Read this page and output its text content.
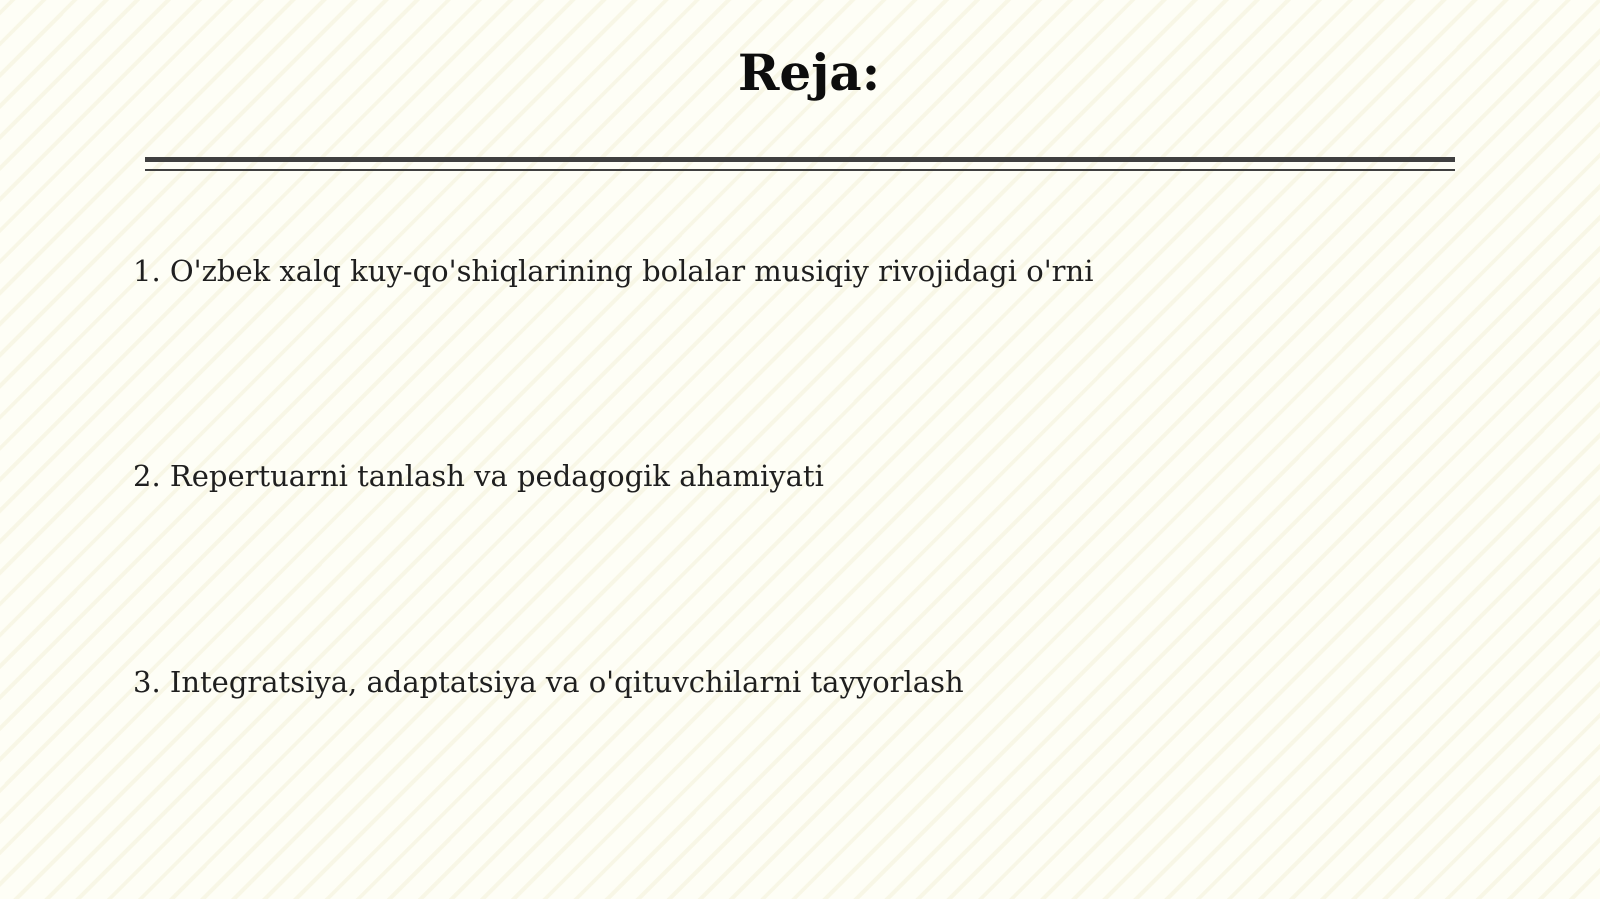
Reja:
1. O'zbek xalq kuy-qo'shiqlarining bolalar musiqiy rivojidagi o'rni
2. Repertuarni tanlash va pedagogik ahamiyati
3. Integratsiya, adaptatsiya va o'qituvchilarni tayyorlash
